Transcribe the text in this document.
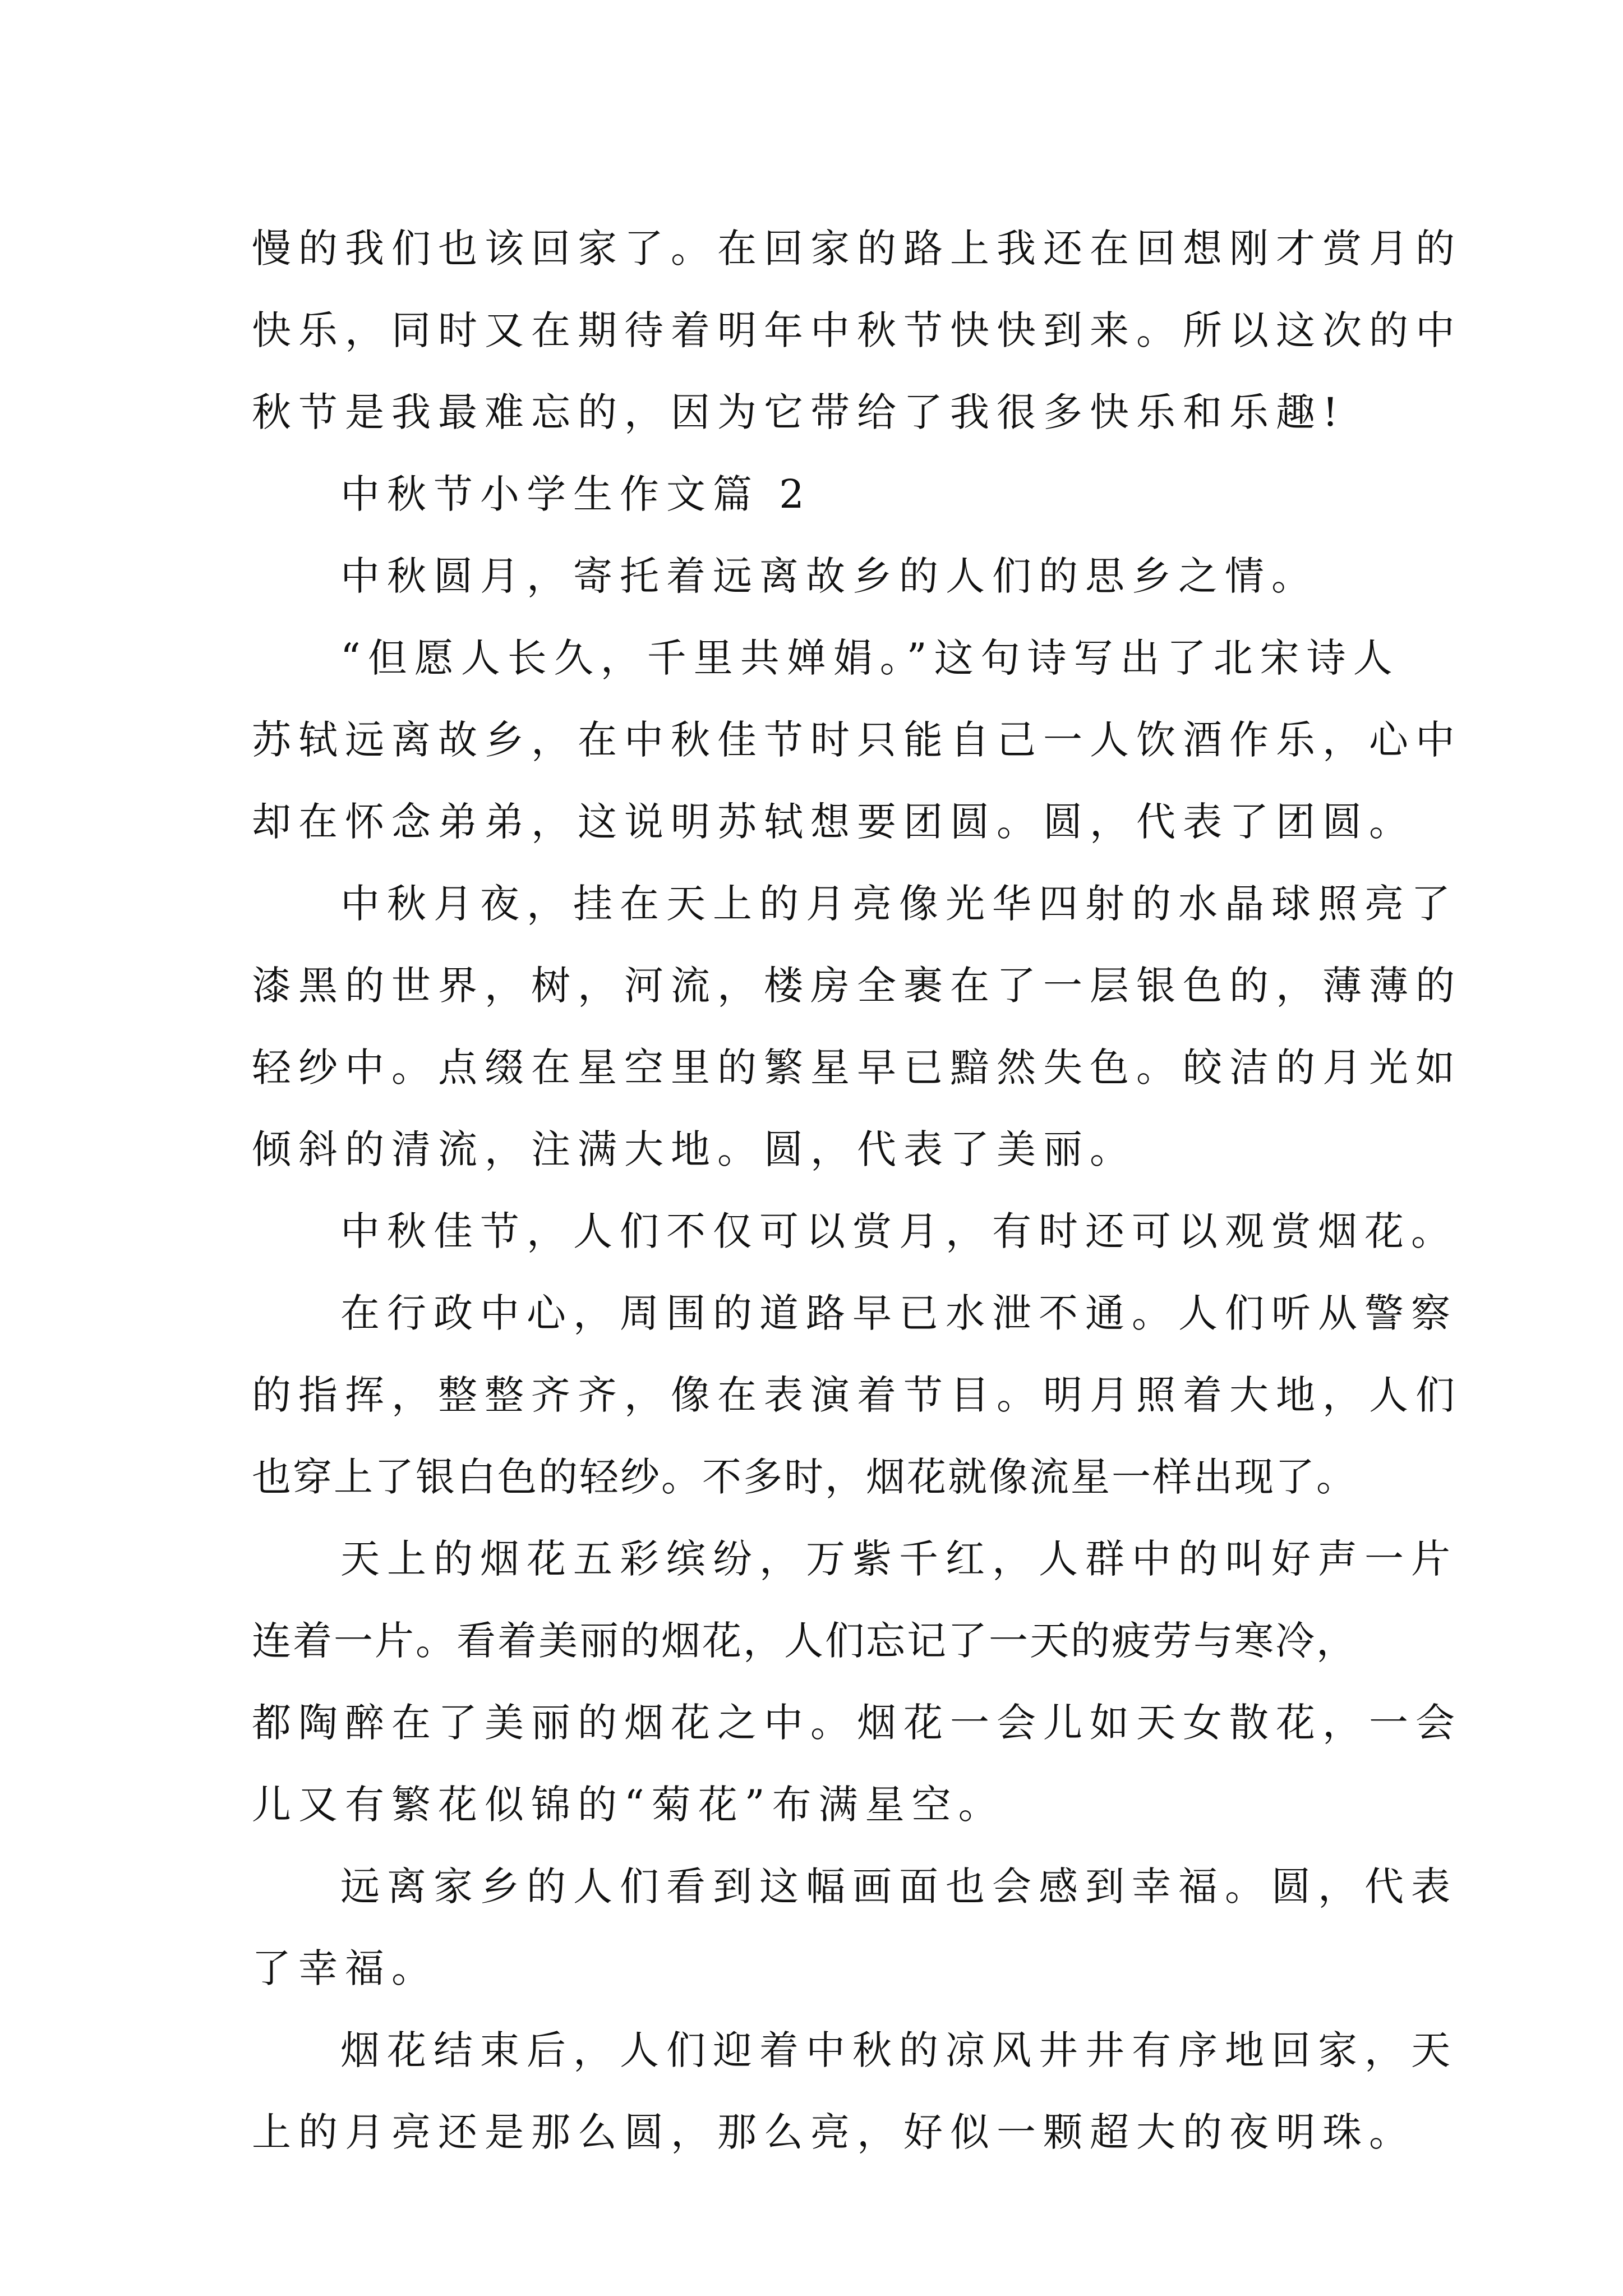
慢的我们也该回家了。在回家的路上我还在回想刚才赏月的
快乐，同时又在期待着明年中秋节快快到来。所以这次的中
秋节是我最难忘的，因为它带给了我很多快乐和乐趣!
中秋节小学生作文篇 2
中秋圆月，寄托着远离故乡的人们的思乡之情。
“但愿人长久，千里共婵娟。”这句诗写出了北宋诗人
苏轼远离故乡，在中秋佳节时只能自己一人饮酒作乐，心中
却在怀念弟弟，这说明苏轼想要团圆。圆，代表了团圆。
中秋月夜，挂在天上的月亮像光华四射的水晶球照亮了
漆黑的世界，树，河流，楼房全裹在了一层银色的，薄薄的
轻纱中。点缀在星空里的繁星早已黯然失色。皎洁的月光如
倾斜的清流，注满大地。圆，代表了美丽。
中秋佳节，人们不仅可以赏月，有时还可以观赏烟花。
在行政中心，周围的道路早已水泄不通。人们听从警察
的指挥，整整齐齐，像在表演着节目。明月照着大地，人们
也穿上了银白色的轻纱。不多时，烟花就像流星一样出现了。
天上的烟花五彩缤纷，万紫千红，人群中的叫好声一片
连着一片。看着美丽的烟花，人们忘记了一天的疲劳与寒冷，
都陶醉在了美丽的烟花之中。烟花一会儿如天女散花，一会
儿又有繁花似锦的“菊花”布满星空。
远离家乡的人们看到这幅画面也会感到幸福。圆，代表
了幸福。
烟花结束后，人们迎着中秋的凉风井井有序地回家，天
上的月亮还是那么圆，那么亮，好似一颗超大的夜明珠。
